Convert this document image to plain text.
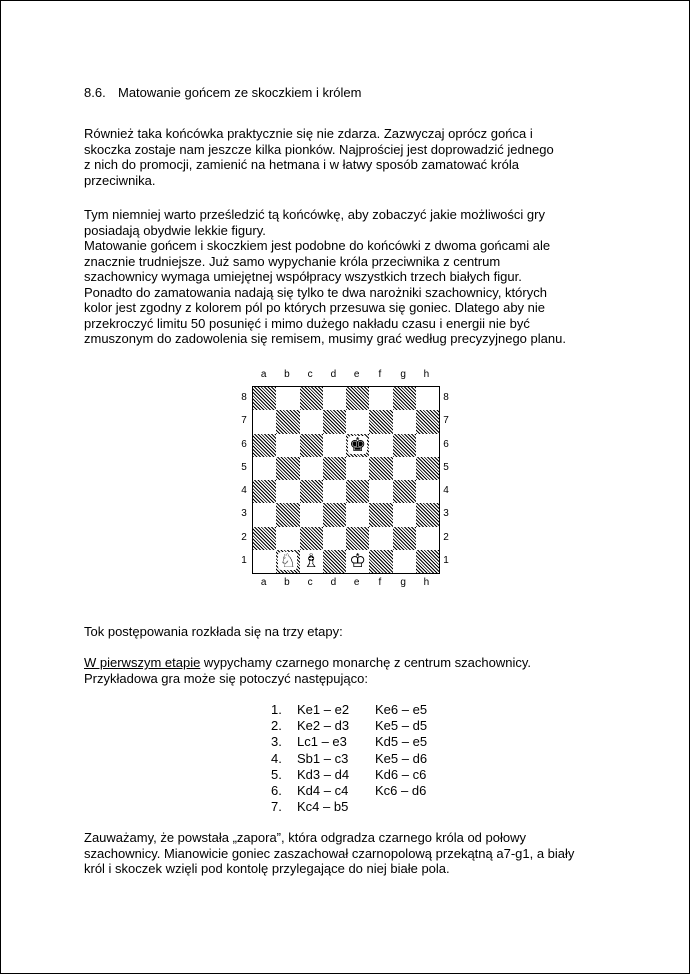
8.6. Matowanie gońcem ze skoczkiem i królem
Również taka końcówka praktycznie się nie zdarza. Zazwyczaj oprócz gońca i
skoczka zostaje nam jeszcze kilka pionków. Najprościej jest doprowadzić jednego
z nich do promocji, zamienić na hetmana i w łatwy sposób zamatować króla
przeciwnika.
Tym niemniej warto prześledzić tą końcówkę, aby zobaczyć jakie możliwości gry
posiadają obydwie lekkie figury.
Matowanie gońcem i skoczkiem jest podobne do końcówki z dwoma gońcami ale
znacznie trudniejsze. Już samo wypychanie króla przeciwnika z centrum
szachownicy wymaga umiejętnej współpracy wszystkich trzech białych figur.
Ponadto do zamatowania nadają się tylko te dwa narożniki szachownicy, których
kolor jest zgodny z kolorem pól po których przesuwa się goniec. Dlatego aby nie
przekroczyć limitu 50 posunięć i mimo dużego nakładu czasu i energii nie być
zmuszonym do zadowolenia się remisem, musimy grać według precyzyjnego planu.
a	b	c	d	e	f	g	h
8
7
6
5
4
3
2
1
8
7
6
5
4
3
2
1
♚
♘ ♗ ♔
a	b	c	d	e	f	g	h
Tok postępowania rozkłada się na trzy etapy:
W pierwszym etapie wypychamy czarnego monarchę z centrum szachownicy.
Przykładowa gra może się potoczyć następująco:
1. Ke1 – e2 Ke6 – e5
2. Ke2 – d3 Ke5 – d5
3. Lc1 – e3 Kd5 – e5
4. Sb1 – c3 Ke5 – d6
5. Kd3 – d4 Kd6 – c6
6. Kd4 – c4 Kc6 – d6
7. Kc4 – b5
Zauważamy, że powstała „zapora”, która odgradza czarnego króla od połowy
szachownicy. Mianowicie goniec zaszachował czarnopolową przekątną a7-g1, a biały
król i skoczek wzięli pod kontolę przylegające do niej białe pola.
